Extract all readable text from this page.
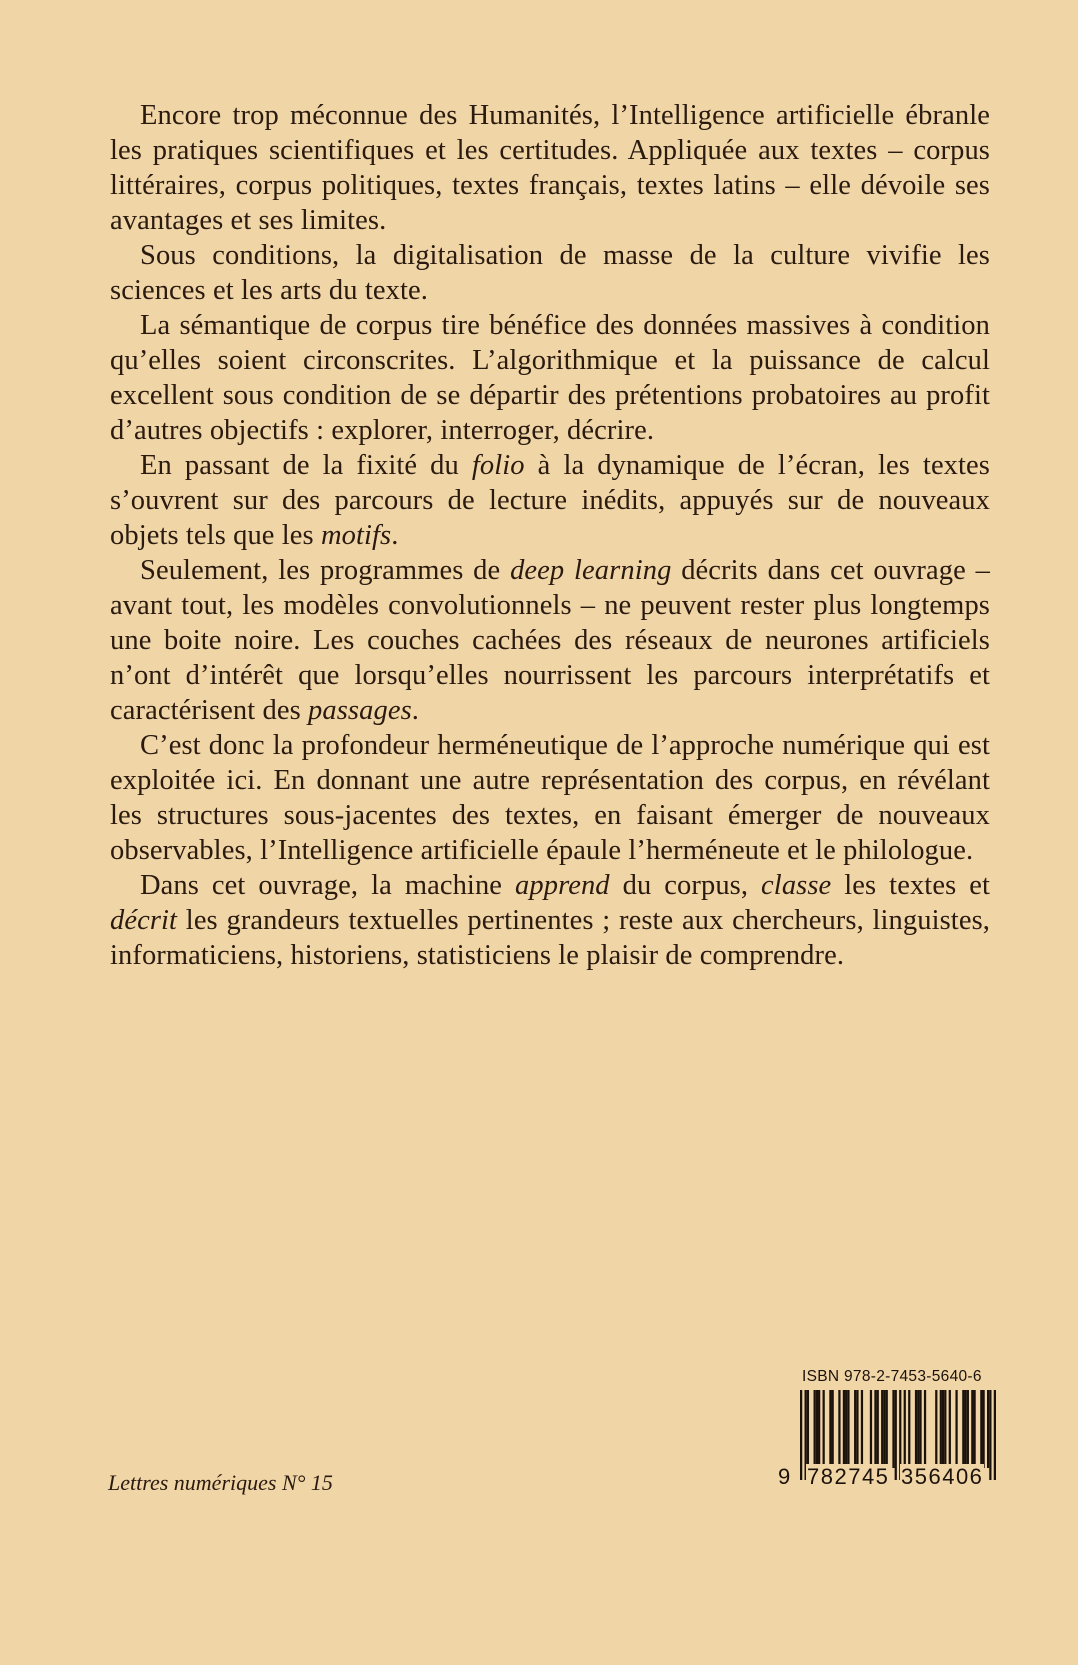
Encore trop méconnue des Humanités, l’Intelligence artificielle ébranle les pratiques scientifiques et les certitudes. Appliquée aux textes – corpus littéraires, corpus politiques, textes français, textes latins – elle dévoile ses avantages et ses limites.

Sous conditions, la digitalisation de masse de la culture vivifie les sciences et les arts du texte.

La sémantique de corpus tire bénéfice des données massives à condition qu’elles soient circonscrites. L’algorithmique et la puissance de calcul excellent sous condition de se départir des prétentions probatoires au profit d’autres objectifs : explorer, interroger, décrire.

En passant de la fixité du folio à la dynamique de l’écran, les textes s’ouvrent sur des parcours de lecture inédits, appuyés sur de nouveaux objets tels que les motifs.

Seulement, les programmes de deep learning décrits dans cet ouvrage – avant tout, les modèles convolutionnels – ne peuvent rester plus longtemps une boite noire. Les couches cachées des réseaux de neurones artificiels n’ont d’intérêt que lorsqu’elles nourrissent les parcours interprétatifs et caractérisent des passages.

C’est donc la profondeur herméneutique de l’approche numérique qui est exploitée ici. En donnant une autre représentation des corpus, en révélant les structures sous-jacentes des textes, en faisant émerger de nouveaux observables, l’Intelligence artificielle épaule l’herméneute et le philologue.

Dans cet ouvrage, la machine apprend du corpus, classe les textes et décrit les grandeurs textuelles pertinentes ; reste aux chercheurs, linguistes, informaticiens, historiens, statisticiens le plaisir de comprendre.

Lettres numériques N° 15
ISBN 978-2-7453-5640-6
9 782745 356406
